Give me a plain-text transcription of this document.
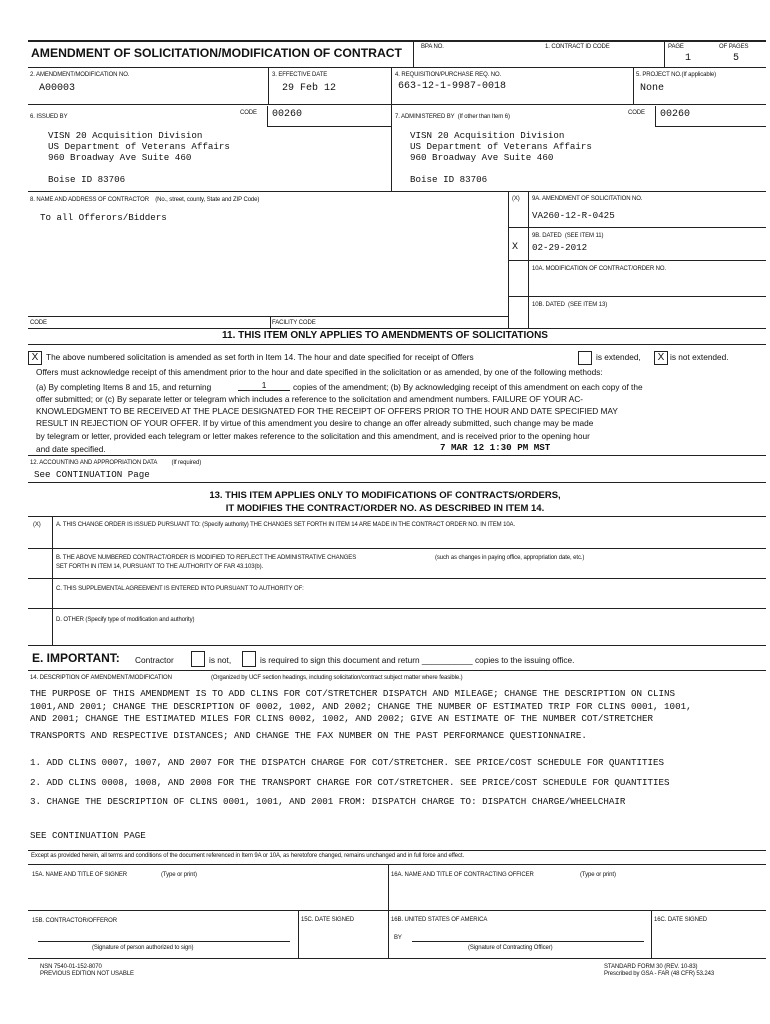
AMENDMENT OF SOLICITATION/MODIFICATION OF CONTRACT	BPA NO.	1. CONTRACT ID CODE	PAGE	OF PAGES
1	5
2. AMENDMENT/MODIFICATION NO.
A00003
3. EFFECTIVE DATE
29 Feb 12
4. REQUISITION/PURCHASE REQ. NO.
663-12-1-9987-0018
5. PROJECT NO.(If applicable)
None
6. ISSUED BY
CODE 00260
VISN 20 Acquisition Division
US Department of Veterans Affairs
960 Broadway Ave Suite 460
Boise ID 83706
7. ADMINISTERED BY (If other than Item 6)
CODE 00260
VISN 20 Acquisition Division
US Department of Veterans Affairs
960 Broadway Ave Suite 460
Boise ID 83706
8. NAME AND ADDRESS OF CONTRACTOR (No., street, county, State and ZIP Code)
To all Offerors/Bidders
(X) 9A. AMENDMENT OF SOLICITATION NO.
VA260-12-R-0425
9B. DATED (SEE ITEM 11)
X 02-29-2012
10A. MODIFICATION OF CONTRACT/ORDER NO.
10B. DATED (SEE ITEM 13)
CODE	FACILITY CODE
11. THIS ITEM ONLY APPLIES TO AMENDMENTS OF SOLICITATIONS
X The above numbered solicitation is amended as set forth in Item 14. The hour and date specified for receipt of Offers	is extended,	X is not extended.
Offers must acknowledge receipt of this amendment prior to the hour and date specified in the solicitation or as amended, by one of the following methods:
(a) By completing Items 8 and 15, and returning	1	copies of the amendment; (b) By acknowledging receipt of this amendment on each copy of the
offer submitted; or (c) By separate letter or telegram which includes a reference to the solicitation and amendment numbers. FAILURE OF YOUR AC-
KNOWLEDGMENT TO BE RECEIVED AT THE PLACE DESIGNATED FOR THE RECEIPT OF OFFERS PRIOR TO THE HOUR AND DATE SPECIFIED MAY
RESULT IN REJECTION OF YOUR OFFER. If by virtue of this amendment you desire to change an offer already submitted, such change may be made
by telegram or letter, provided each telegram or letter makes reference to the solicitation and this amendment, and is received prior to the opening hour
and date specified.	7 MAR 12 1:30 PM MST
12. ACCOUNTING AND APPROPRIATION DATA (If required)
See CONTINUATION Page
13. THIS ITEM APPLIES ONLY TO MODIFICATIONS OF CONTRACTS/ORDERS,
IT MODIFIES THE CONTRACT/ORDER NO. AS DESCRIBED IN ITEM 14.
(X)	A. THIS CHANGE ORDER IS ISSUED PURSUANT TO: (Specify authority) THE CHANGES SET FORTH IN ITEM 14 ARE MADE IN THE CONTRACT ORDER NO. IN ITEM 10A.
B. THE ABOVE NUMBERED CONTRACT/ORDER IS MODIFIED TO REFLECT THE ADMINISTRATIVE CHANGES	(such as changes in paying office, appropriation date, etc.)
SET FORTH IN ITEM 14, PURSUANT TO THE AUTHORITY OF FAR 43.103(b).
C. THIS SUPPLEMENTAL AGREEMENT IS ENTERED INTO PURSUANT TO AUTHORITY OF:
D. OTHER (Specify type of modification and authority)
E. IMPORTANT: Contractor	is not,	is required to sign this document and return ___________ copies to the issuing office.
14. DESCRIPTION OF AMENDMENT/MODIFICATION	(Organized by UCF section headings, including solicitation/contract subject matter where feasible.)
THE PURPOSE OF THIS AMENDMENT IS TO ADD CLINS FOR COT/STRETCHER DISPATCH AND MILEAGE; CHANGE THE DESCRIPTION ON CLINS
1001,AND 2001; CHANGE THE DESCRIPTION OF 0002, 1002, AND 2002; CHANGE THE NUMBER OF ESTIMATED TRIP FOR CLINS 0001, 1001,
AND 2001; CHANGE THE ESTIMATED MILES FOR CLINS 0002, 1002, AND 2002; GIVE AN ESTIMATE OF THE NUMBER COT/STRETCHER
TRANSPORTS AND RESPECTIVE DISTANCES; AND CHANGE THE FAX NUMBER ON THE PAST PERFORMANCE QUESTIONNAIRE.
1. ADD CLINS 0007, 1007, AND 2007 FOR THE DISPATCH CHARGE FOR COT/STRETCHER. SEE PRICE/COST SCHEDULE FOR QUANTITIES
2. ADD CLINS 0008, 1008, AND 2008 FOR THE TRANSPORT CHARGE FOR COT/STRETCHER. SEE PRICE/COST SCHEDULE FOR QUANTITIES
3. CHANGE THE DESCRIPTION OF CLINS 0001, 1001, AND 2001 FROM: DISPATCH CHARGE TO: DISPATCH CHARGE/WHEELCHAIR
SEE CONTINUATION PAGE
Except as provided herein, all terms and conditions of the document referenced in Item 9A or 10A, as heretofore changed, remains unchanged and in full force and effect.
15A. NAME AND TITLE OF SIGNER	(Type or print)	16A. NAME AND TITLE OF CONTRACTING OFFICER	(Type or print)
15B. CONTRACTOR/OFFEROR	15C. DATE SIGNED	16B. UNITED STATES OF AMERICA	16C. DATE SIGNED
(Signature of person authorized to sign)
BY
(Signature of Contracting Officer)
NSN 7540-01-152-8070
PREVIOUS EDITION NOT USABLE
STANDARD FORM 30 (REV. 10-83)
Prescribed by GSA - FAR (48 CFR) 53.243
